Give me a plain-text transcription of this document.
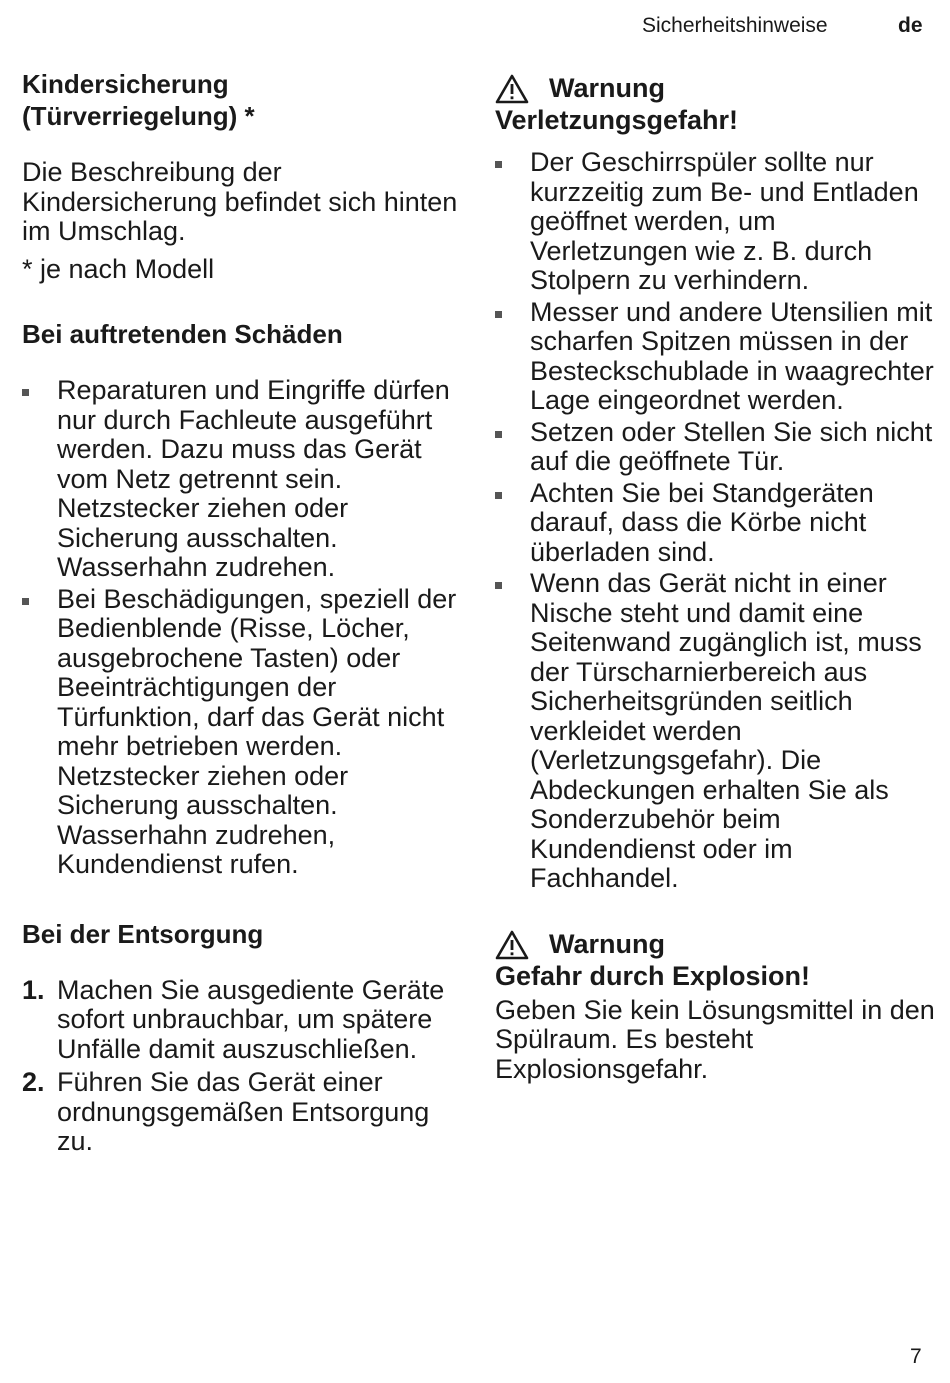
Sicherheitshinweise	de
Kindersicherung
(Türverriegelung) *

Die Beschreibung der Kindersicherung befindet sich hinten im Umschlag.

* je nach Modell

Bei auftretenden Schäden
Reparaturen und Eingriffe dürfen nur durch Fachleute ausgeführt werden. Dazu muss das Gerät vom Netz getrennt sein. Netzstecker ziehen oder Sicherung ausschalten. Wasserhahn zudrehen.
Bei Beschädigungen, speziell der Bedienblende (Risse, Löcher, ausgebrochene Tasten) oder Beeinträchtigungen der Türfunktion, darf das Gerät nicht mehr betrieben werden. Netzstecker ziehen oder Sicherung ausschalten. Wasserhahn zudrehen, Kundendienst rufen.
Bei der Entsorgung
1. Machen Sie ausgediente Geräte sofort unbrauchbar, um spätere Unfälle damit auszuschließen.
2. Führen Sie das Gerät einer ordnungsgemäßen Entsorgung zu.
Warnung

Verletzungsgefahr!

Der Geschirrspüler sollte nur kurzzeitig zum Be- und Entladen geöffnet werden, um Verletzungen wie z. B. durch Stolpern zu verhindern.
Messer und andere Utensilien mit scharfen Spitzen müssen in der Besteckschublade in waagrechter Lage eingeordnet werden.
Setzen oder Stellen Sie sich nicht auf die geöffnete Tür.
Achten Sie bei Standgeräten darauf, dass die Körbe nicht überladen sind.
Wenn das Gerät nicht in einer Nische steht und damit eine Seitenwand zugänglich ist, muss der Türscharnierbereich aus Sicherheitsgründen seitlich verkleidet werden (Verletzungsgefahr). Die Abdeckungen erhalten Sie als Sonderzubehör beim Kundendienst oder im Fachhandel.
Warnung

Gefahr durch Explosion!

Geben Sie kein Lösungsmittel in den Spülraum. Es besteht Explosionsgefahr.

7
